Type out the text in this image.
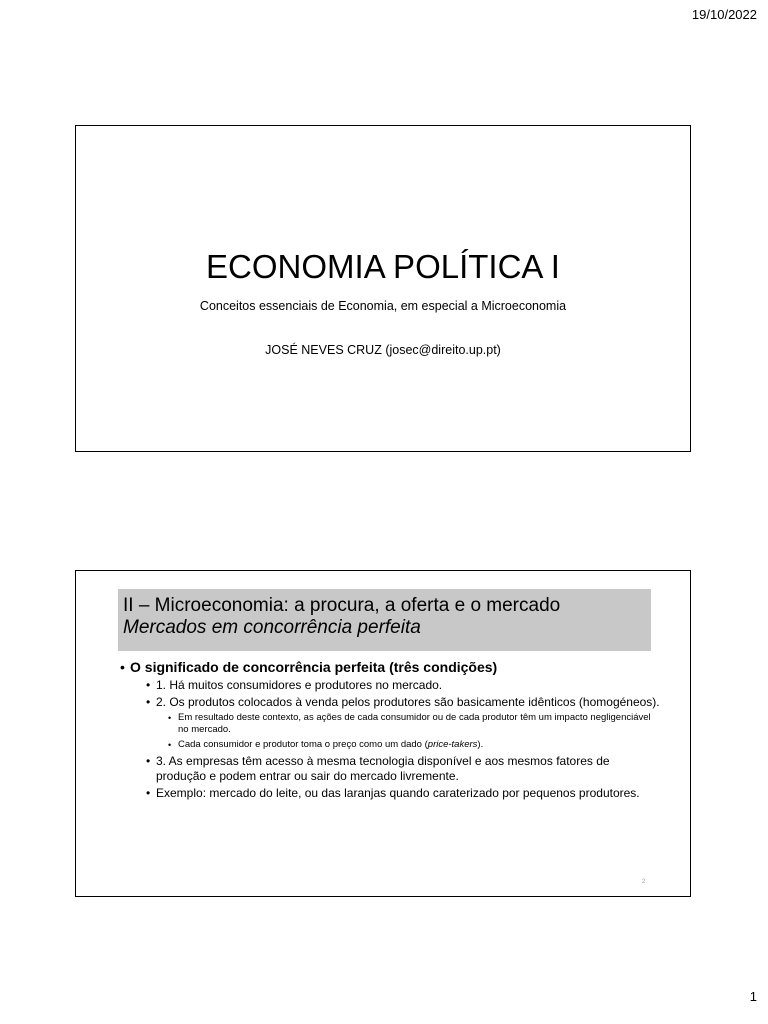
19/10/2022
ECONOMIA POLÍTICA I
Conceitos essenciais de Economia, em especial a Microeconomia
JOSÉ NEVES CRUZ (josec@direito.up.pt)
II – Microeconomia: a procura, a oferta e o mercado
Mercados em concorrência perfeita
• O significado de concorrência perfeita (três condições)
• 1. Há muitos consumidores e produtores no mercado.
• 2. Os produtos colocados à venda pelos produtores são basicamente idênticos (homogéneos).
• Em resultado deste contexto, as ações de cada consumidor ou de cada produtor têm um impacto negligenciável no mercado.
• Cada consumidor e produtor toma o preço como um dado (price-takers).
• 3. As empresas têm acesso à mesma tecnologia disponível e aos mesmos fatores de produção e podem entrar ou sair do mercado livremente.
• Exemplo: mercado do leite, ou das laranjas quando caraterizado por pequenos produtores.
2
1
